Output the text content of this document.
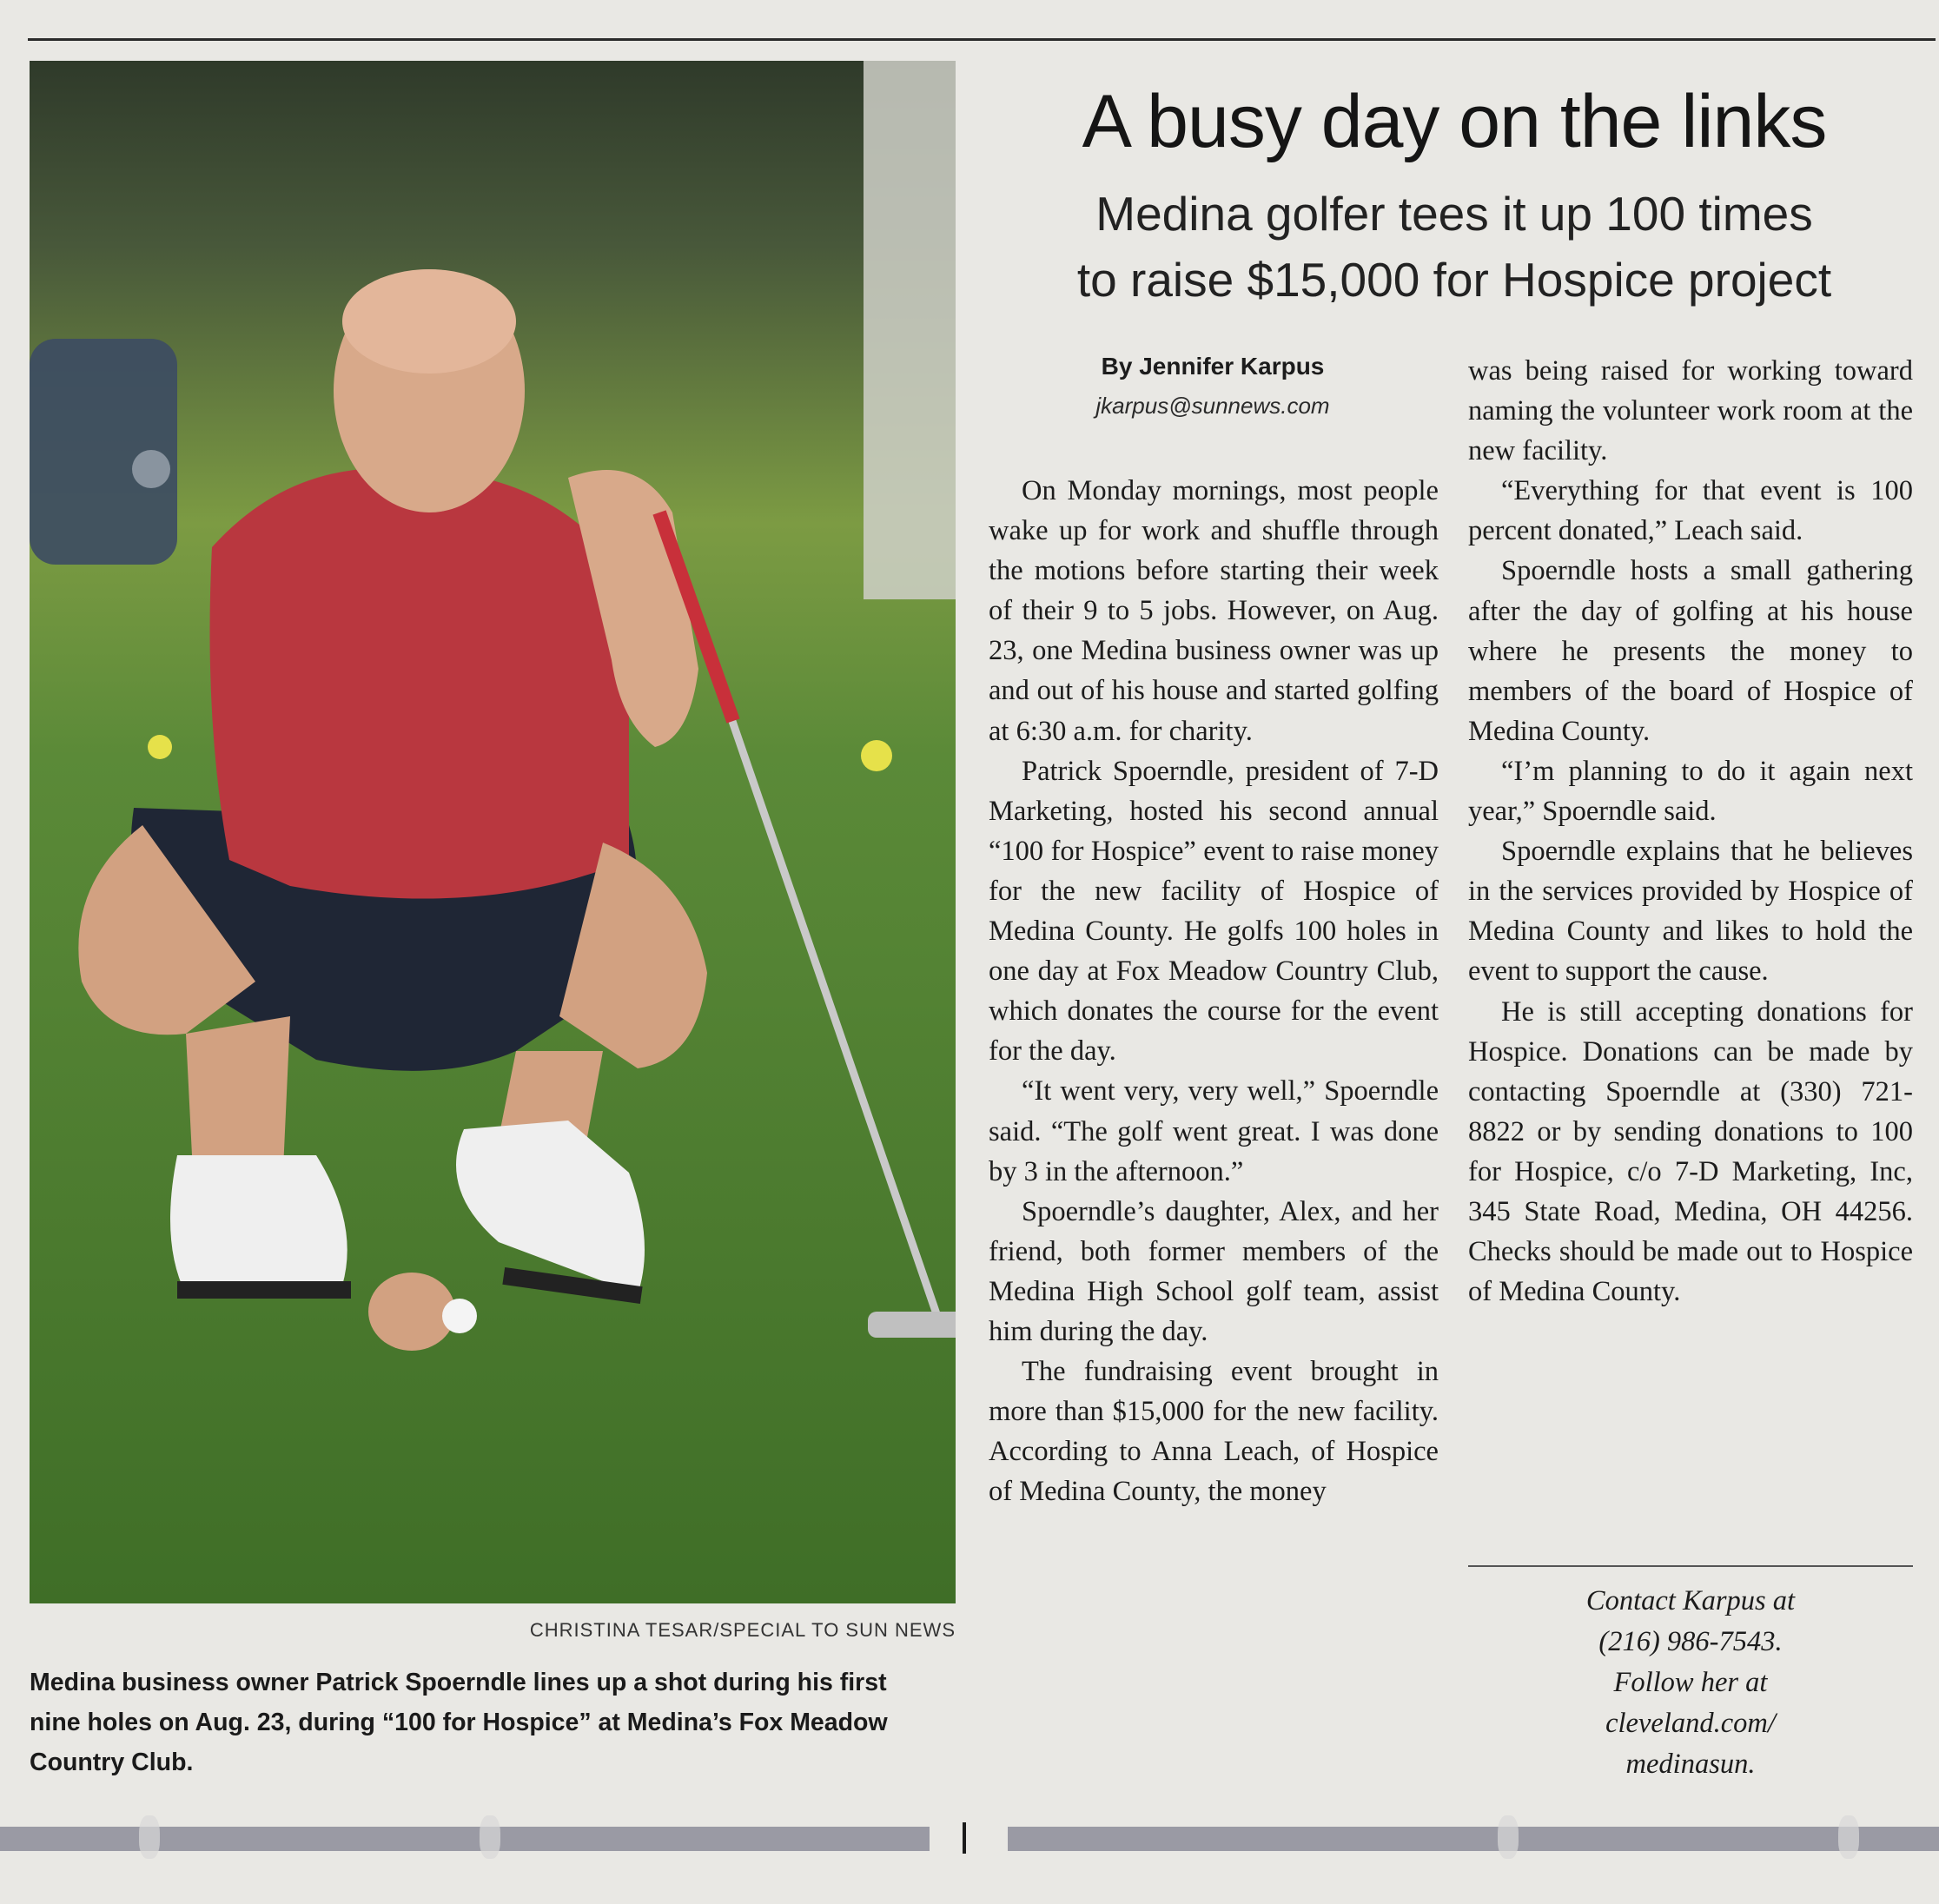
CHRISTINA TESAR/SPECIAL TO SUN NEWS
Medina business owner Patrick Spoerndle lines up a shot during his first
nine holes on Aug. 23, during “100 for Hospice” at Medina’s Fox Meadow
Country Club.
A busy day on the links
Medina golfer tees it up 100 times
to raise $15,000 for Hospice project
By Jennifer Karpus
jkarpus@sunnews.com

On Monday mornings, most people wake up for work and shuffle through the motions before starting their week of their 9 to 5 jobs. However, on Aug. 23, one Medina business owner was up and out of his house and started golfing at 6:30 a.m. for charity.

Patrick Spoerndle, president of 7-D Marketing, hosted his second annual “100 for Hospice” event to raise money for the new facility of Hospice of Medina County. He golfs 100 holes in one day at Fox Meadow Country Club, which donates the course for the event for the day.

“It went very, very well,” Spoerndle said. “The golf went great. I was done by 3 in the afternoon.”

Spoerndle’s daughter, Alex, and her friend, both former members of the Medina High School golf team, assist him during the day.

The fundraising event brought in more than $15,000 for the new facility. According to Anna Leach, of Hospice of Medina County, the money

was being raised for working toward naming the volunteer work room at the new facility.

“Everything for that event is 100 percent donated,” Leach said.

Spoerndle hosts a small gathering after the day of golfing at his house where he presents the money to members of the board of Hospice of Medina County.

“I’m planning to do it again next year,” Spoerndle said.

Spoerndle explains that he believes in the services provided by Hospice of Medina County and likes to hold the event to support the cause.

He is still accepting donations for Hospice. Donations can be made by contacting Spoerndle at (330) 721-8822 or by sending donations to 100 for Hospice, c/o 7-D Marketing, Inc, 345 State Road, Medina, OH 44256. Checks should be made out to Hospice of Medina County.

Contact Karpus at
(216) 986-7543.
Follow her at
cleveland.com/
medinasun.
